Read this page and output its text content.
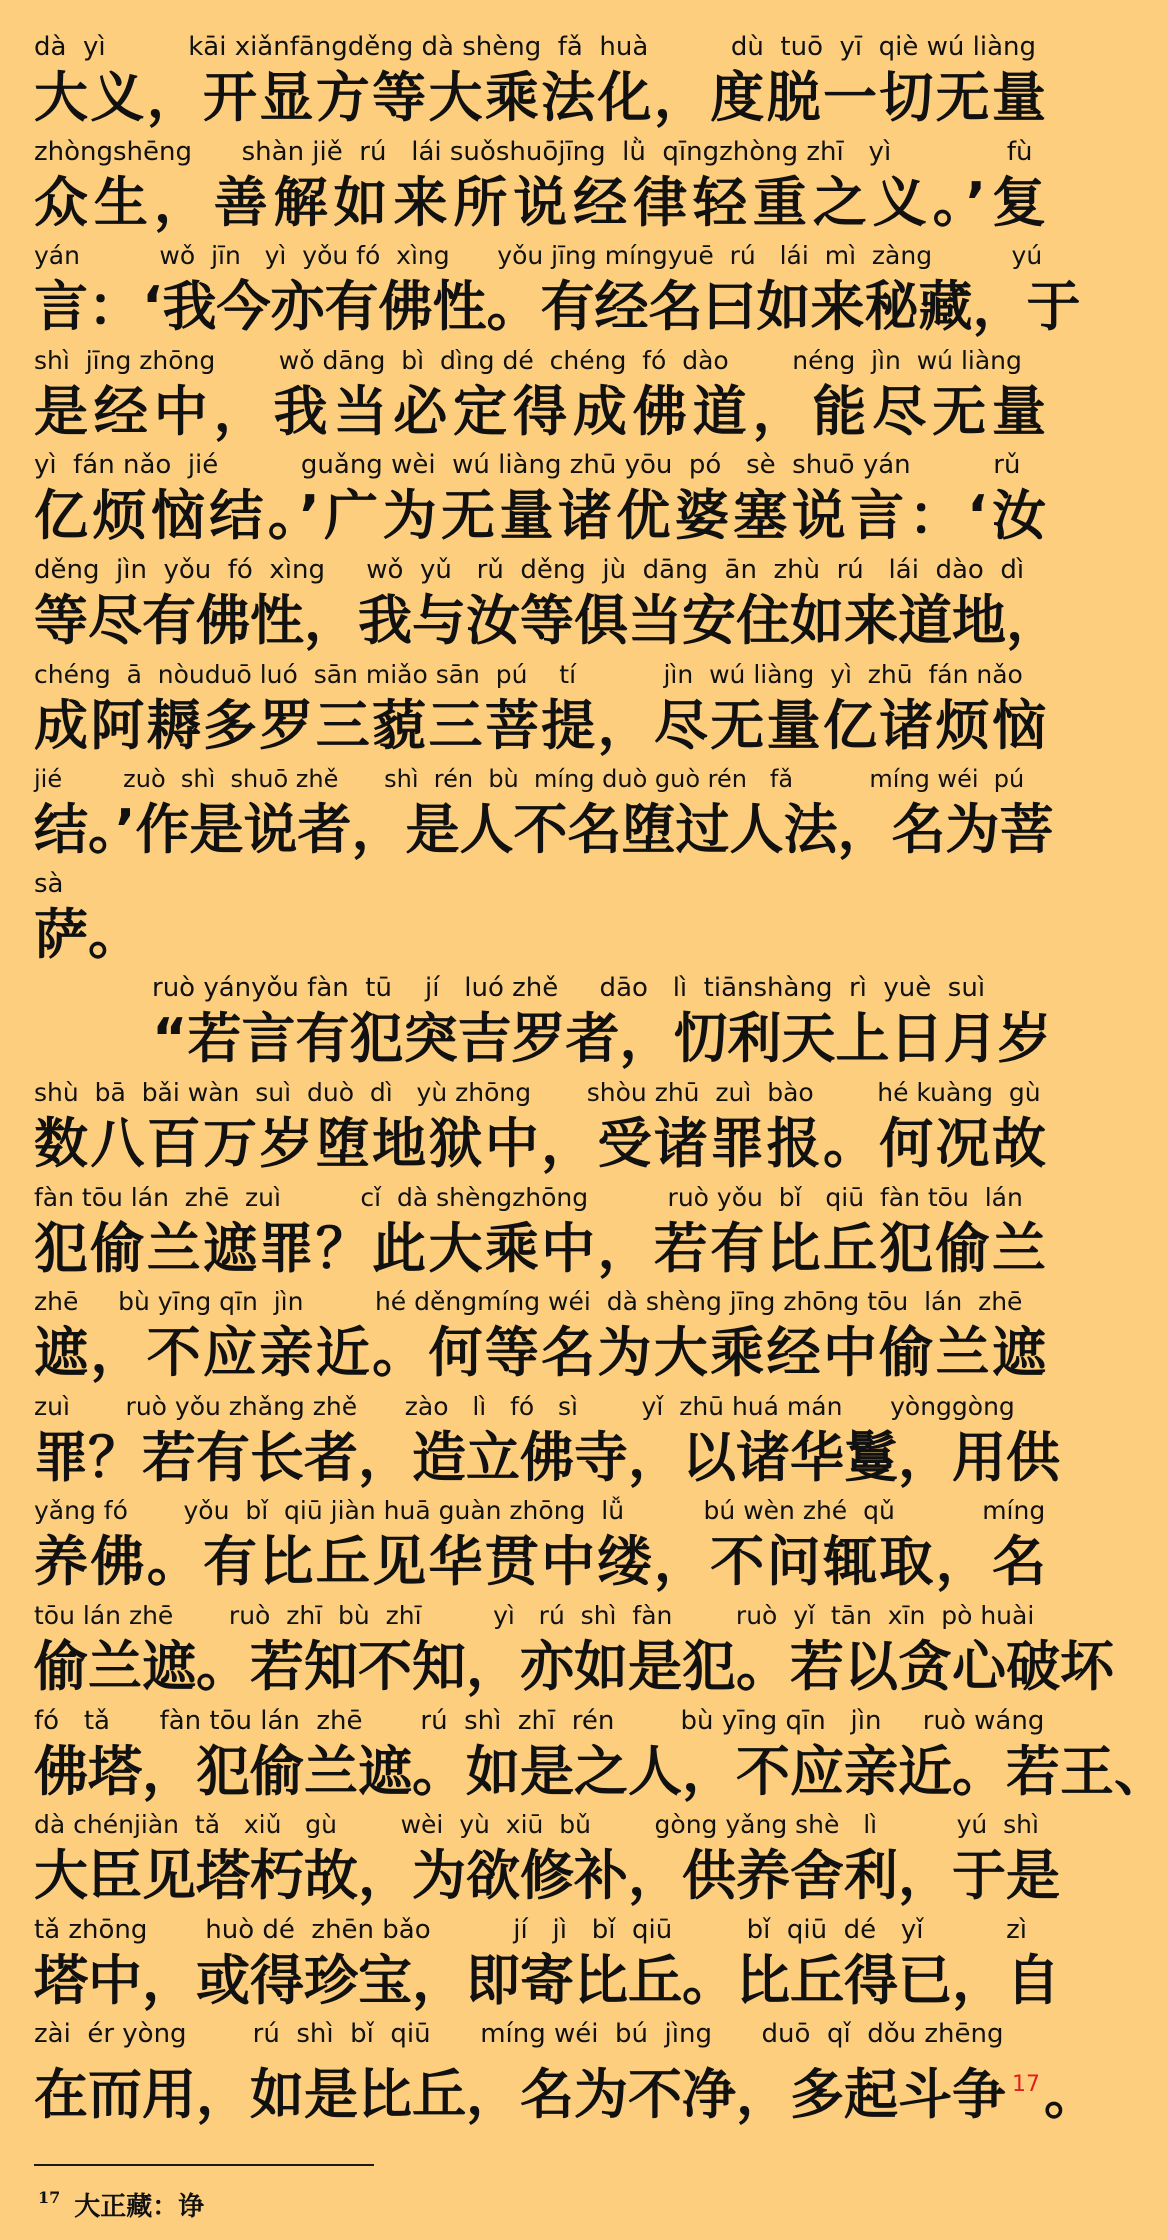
dà  yì          kāi xiǎnfāngděng dà shèng  fǎ  huà          dù  tuō  yī  qiè wú liàng
大义，开显方等大乘法化，度脱一切无量
zhòngshēng      shàn jiě  rú   lái suǒshuōjīng  lǜ  qīngzhòng zhī   yì              fù
众生，善解如来所说经律轻重之义。’复
yán          wǒ  jīn   yì  yǒu fó  xìng      yǒu jīng míngyuē  rú   lái  mì  zàng          yú
言：‘我今亦有佛性。有经名曰如来秘藏，于
shì  jīng zhōng        wǒ dāng  bì  dìng dé  chéng  fó  dào        néng  jìn  wú liàng
是经中，我当必定得成佛道，能尽无量
yì  fán nǎo  jié          guǎng wèi  wú liàng zhū yōu  pó   sè  shuō yán          rǔ
亿烦恼结。’广为无量诸优婆塞说言：‘汝
děng  jìn  yǒu  fó  xìng     wǒ  yǔ   rǔ  děng  jù  dāng  ān  zhù  rú   lái  dào  dì
等尽有佛性，我与汝等俱当安住如来道地，
chéng  ā  nòuduō luó  sān miǎo sān  pú    tí           jìn  wú liàng  yì  zhū  fán nǎo
成阿耨多罗三藐三菩提，尽无量亿诸烦恼
jié        zuò  shì  shuō zhě      shì  rén  bù  míng duò guò rén   fǎ          míng wéi  pú
结。’作是说者，是人不名堕过人法，名为菩
sà
萨。
ruò yányǒu fàn  tū    jí   luó zhě     dāo   lì  tiānshàng  rì  yuè  suì
“若言有犯突吉罗者，忉利天上日月岁
shù  bā  bǎi wàn  suì  duò  dì   yù zhōng       shòu zhū  zuì  bào        hé kuàng  gù
数八百万岁堕地狱中，受诸罪报。何况故
fàn tōu lán  zhē  zuì          cǐ  dà shèngzhōng          ruò yǒu  bǐ   qiū  fàn tōu  lán
犯偷兰遮罪？此大乘中，若有比丘犯偷兰
zhē     bù yīng qīn  jìn         hé děngmíng wéi  dà shèng jīng zhōng tōu  lán  zhē
遮，不应亲近。何等名为大乘经中偷兰遮
zuì       ruò yǒu zhǎng zhě      zào   lì   fó   sì        yǐ  zhū huá mán      yònggòng
罪？若有长者，造立佛寺，以诸华鬘，用供
yǎng fó       yǒu  bǐ  qiū jiàn huā guàn zhōng  lǚ          bú wèn zhé  qǔ           míng
养佛。有比丘见华贯中缕，不问辄取，名
tōu lán zhē       ruò  zhī  bù  zhī         yì   rú  shì  fàn        ruò  yǐ  tān  xīn  pò huài
偷兰遮。若知不知，亦如是犯。若以贪心破坏
fó   tǎ      fàn tōu lán  zhē       rú  shì  zhī  rén        bù yīng qīn   jìn     ruò wáng
佛塔，犯偷兰遮。如是之人，不应亲近。若王、
dà chénjiàn  tǎ   xiǔ   gù        wèi  yù  xiū  bǔ        gòng yǎng shè   lì          yú  shì
大臣见塔朽故，为欲修补，供养舍利，于是
tǎ zhōng       huò dé  zhēn bǎo          jí   jì   bǐ  qiū         bǐ  qiū  dé   yǐ          zì
塔中，或得珍宝，即寄比丘。比丘得已，自
zài  ér yòng        rú  shì  bǐ  qiū      míng wéi  bú  jìng      duō  qǐ  dǒu zhēng
在而用，如是比丘，名为不净，多起斗争 $^{17}$。
$^{17}$ 大正藏：诤
